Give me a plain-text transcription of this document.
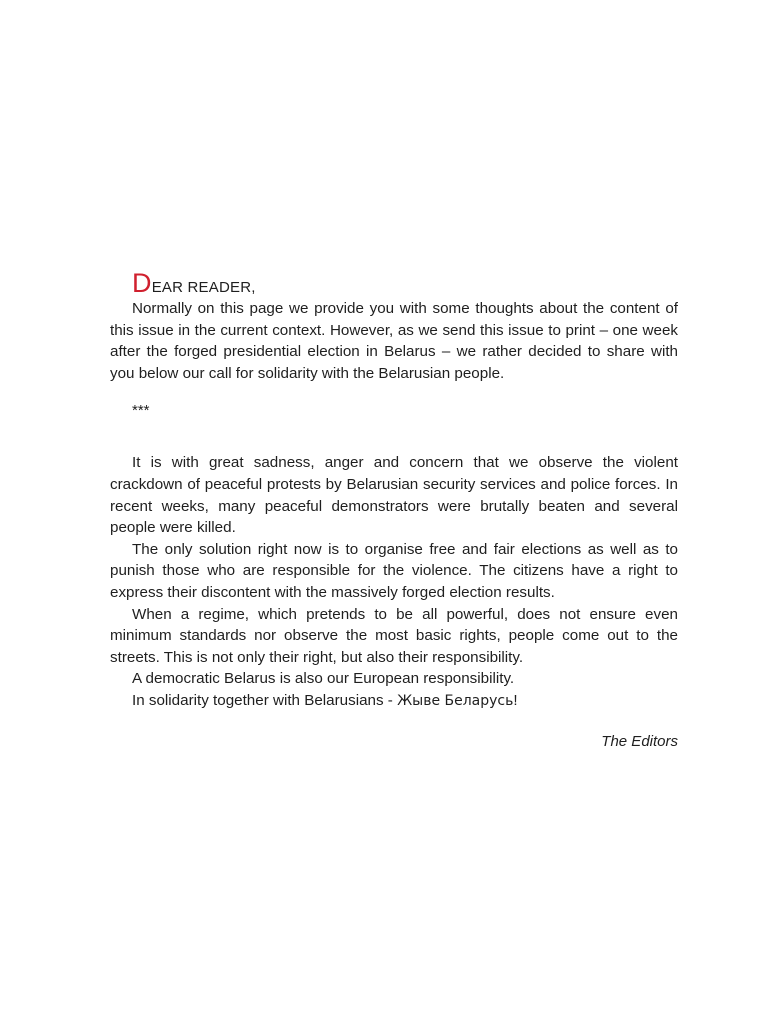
DEAR READER,

Normally on this page we provide you with some thoughts about the content of this issue in the current context. However, as we send this issue to print – one week after the forged presidential election in Belarus – we rather decided to share with you below our call for solidarity with the Belarusian people.

***

It is with great sadness, anger and concern that we observe the violent crackdown of peaceful protests by Belarusian security services and police forces. In recent weeks, many peaceful demonstrators were brutally beaten and several people were killed.

The only solution right now is to organise free and fair elections as well as to punish those who are responsible for the violence. The citizens have a right to express their discontent with the massively forged election results.

When a regime, which pretends to be all powerful, does not ensure even minimum standards nor observe the most basic rights, people come out to the streets. This is not only their right, but also their responsibility.

A democratic Belarus is also our European responsibility.

In solidarity together with Belarusians - Жыве Беларусь!

The Editors
